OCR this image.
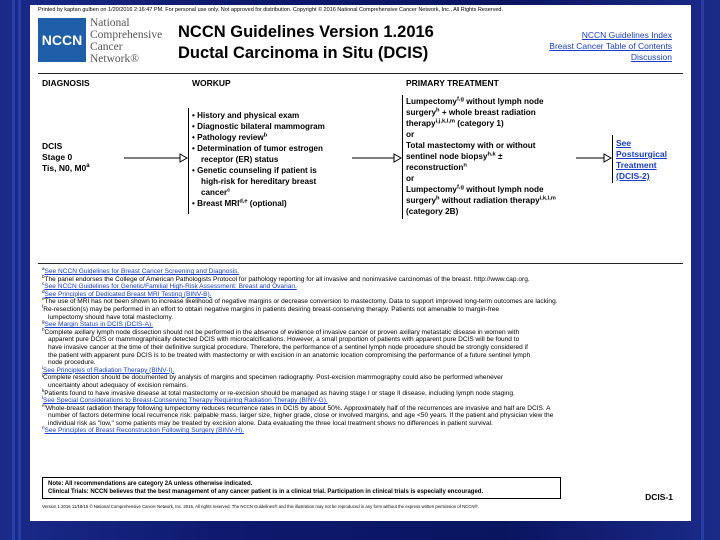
Printed by kaptan gulben on 1/20/2016 2:16:47 PM. For personal use only. Not approved for distribution. Copyright © 2016 National Comprehensive Cancer Network, Inc., All Rights Reserved.
NCCN
National
Comprehensive
Cancer
Network®
NCCN Guidelines Version 1.2016
Ductal Carcinoma in Situ (DCIS)
NCCN Guidelines Index
Breast Cancer Table of Contents
Discussion
DIAGNOSIS	WORKUP	PRIMARY TREATMENT
DCIS
Stage 0
Tis, N0, M0$^a$
• History and physical exam
• Diagnostic bilateral mammogram
• Pathology review$^b$
• Determination of tumor estrogen
receptor (ER) status
• Genetic counseling if patient is
high-risk for hereditary breast
cancer$^c$
• Breast MRI$^{d,e}$ (optional)
Lumpectomy$^{f,g}$ without lymph node
surgery$^h$ + whole breast radiation
therapy$^{i,j,k,l,m}$ (category 1)
or
Total mastectomy with or without
sentinel node biopsy$^{h,k}$ ±
reconstruction$^n$
or
Lumpectomy$^{f,g}$ without lymph node
surgery$^h$ without radiation therapy$^{i,k,l,m}$
(category 2B)
See
Postsurgical
Treatment
(DCIS-2)
$^a$See NCCN Guidelines for Breast Cancer Screening and Diagnosis.
$^b$The panel endorses the College of American Pathologists Protocol for pathology reporting for all invasive and noninvasive carcinomas of the breast. http://www.cap.org.
$^c$See NCCN Guidelines for Genetic/Familial High-Risk Assessment: Breast and Ovarian.
$^d$See Principles of Dedicated Breast MRI Testing (BINV-B).
$^e$The use of MRI has not been shown to increase likelihood of negative margins or decrease conversion to mastectomy. Data to support improved long-term outcomes are lacking.
$^f$Re-resection(s) may be performed in an effort to obtain negative margins in patients desiring breast-conserving therapy. Patients not amenable to margin-free
lumpectomy should have total mastectomy.
$^g$See Margin Status in DCIS (DCIS-A).
$^h$Complete axillary lymph node dissection should not be performed in the absence of evidence of invasive cancer or proven axillary metastatic disease in women with
apparent pure DCIS or mammographically detected DCIS with microcalcifications. However, a small proportion of patients with apparent pure DCIS will be found to
have invasive cancer at the time of their definitive surgical procedure. Therefore, the performance of a sentinel lymph node procedure should be strongly considered if
the patient with apparent pure DCIS is to be treated with mastectomy or with excision in an anatomic location compromising the performance of a future sentinel lymph
node procedure.
$^i$See Principles of Radiation Therapy (BINV-I).
$^j$Complete resection should be documented by analysis of margins and specimen radiography. Post-excision mammography could also be performed whenever
uncertainty about adequacy of excision remains.
$^k$Patients found to have invasive disease at total mastectomy or re-excision should be managed as having stage I or stage II disease, including lymph node staging.
$^l$See Special Considerations to Breast-Conserving Therapy Requiring Radiation Therapy (BINV-G).
$^m$Whole-breast radiation therapy following lumpectomy reduces recurrence rates in DCIS by about 50%. Approximately half of the recurrences are invasive and half are DCIS. A
number of factors determine local recurrence risk: palpable mass, larger size, higher grade, close or involved margins, and age <50 years. If the patient and physician view the
individual risk as "low," some patients may be treated by excision alone. Data evaluating the three local treatment shows no differences in patient survival.
$^n$See Principles of Breast Reconstruction Following Surgery (BINV-H).
Note: All recommendations are category 2A unless otherwise indicated.
Clinical Trials: NCCN believes that the best management of any cancer patient is in a clinical trial. Participation in clinical trials is especially encouraged.	DCIS-1
Version 1.2016 11/18/15 © National Comprehensive Cancer Network, Inc. 2015, All rights reserved. The NCCN Guidelines® and this illustration may not be reproduced in any form without the express written permission of NCCN®.
